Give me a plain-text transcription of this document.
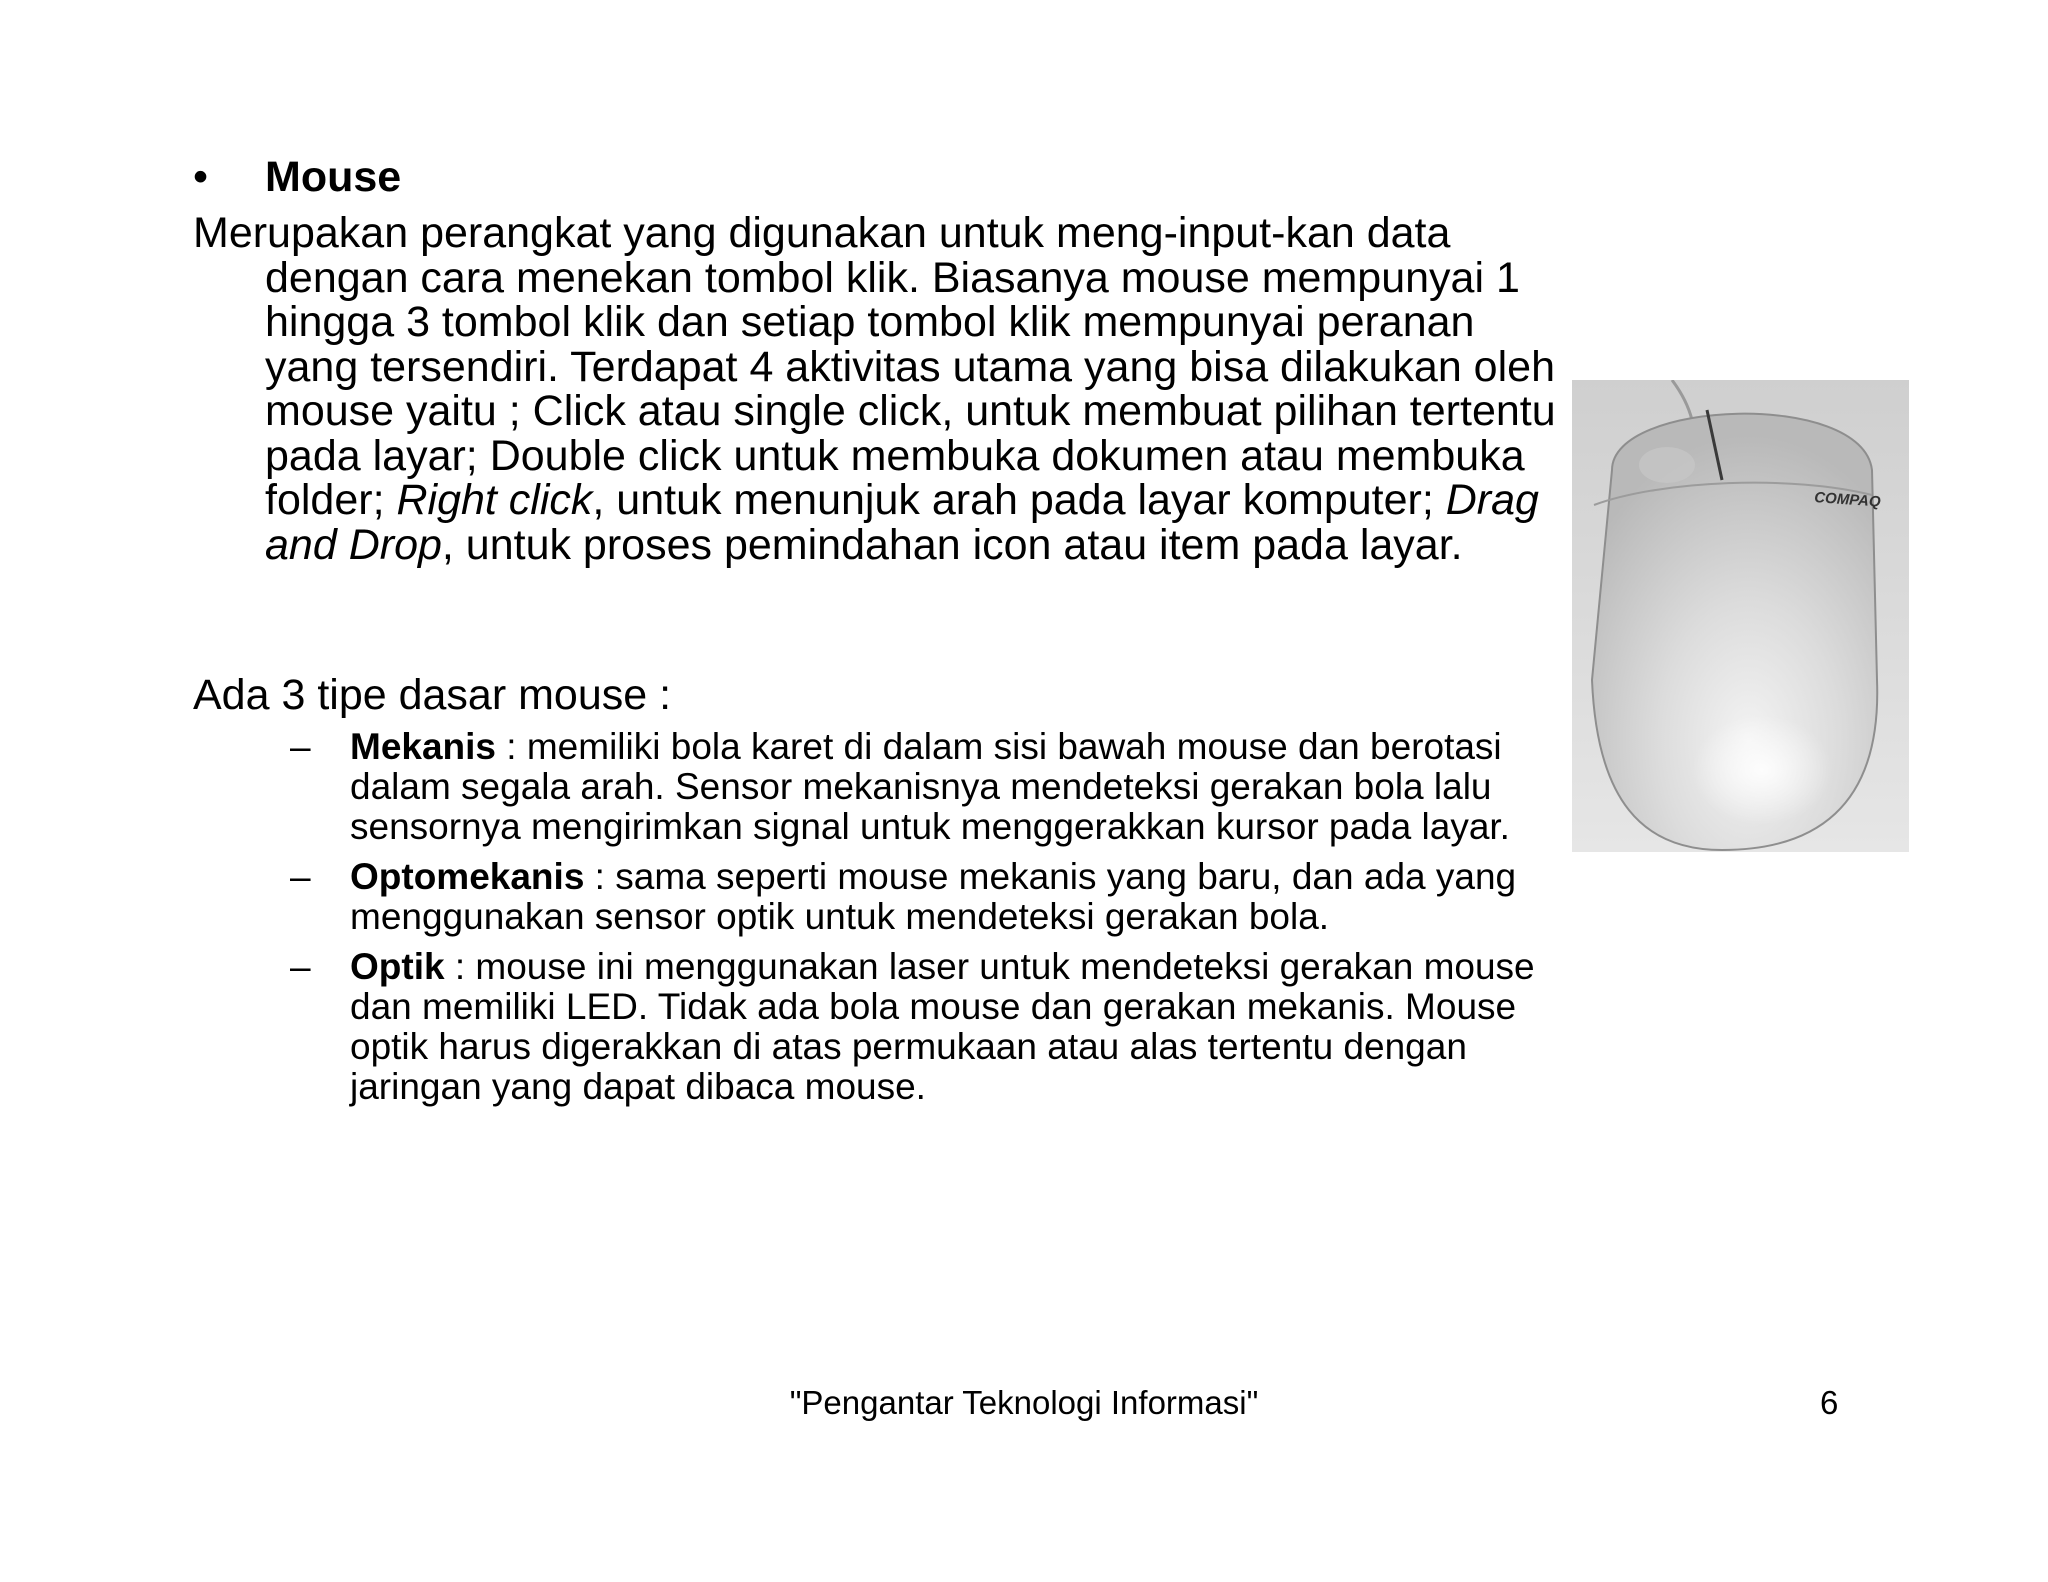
• Mouse
Merupakan perangkat yang digunakan untuk meng-input-kan data dengan cara menekan tombol klik. Biasanya mouse mempunyai 1 hingga 3 tombol klik dan setiap tombol klik mempunyai peranan yang tersendiri. Terdapat 4 aktivitas utama yang bisa dilakukan oleh mouse yaitu ; Click atau single click, untuk membuat pilihan tertentu pada layar; Double click untuk membuka dokumen atau membuka folder; Right click, untuk menunjuk arah pada layar komputer; Drag and Drop, untuk proses pemindahan icon atau item pada layar.
Ada 3 tipe dasar mouse :
– Mekanis : memiliki bola karet di dalam sisi bawah mouse dan berotasi dalam segala arah. Sensor mekanisnya mendeteksi gerakan bola lalu sensornya mengirimkan signal untuk menggerakkan kursor pada layar.
– Optomekanis : sama seperti mouse mekanis yang baru, dan ada yang menggunakan sensor optik untuk mendeteksi gerakan bola.
– Optik : mouse ini menggunakan laser untuk mendeteksi gerakan mouse dan memiliki LED. Tidak ada bola mouse dan gerakan mekanis. Mouse optik harus digerakkan di atas permukaan atau alas tertentu dengan jaringan yang dapat dibaca mouse.
COMPAQ
"Pengantar Teknologi Informasi"	6
